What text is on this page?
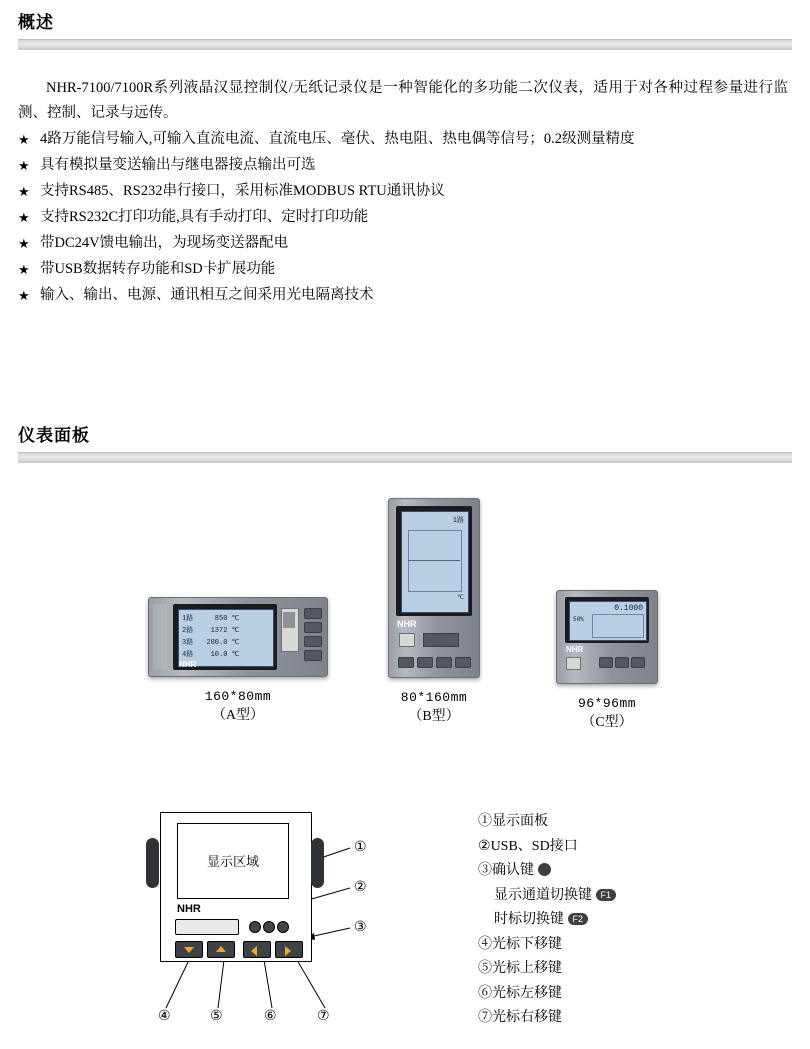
概述
NHR-7100/7100R系列液晶汉显控制仪/无纸记录仪是一种智能化的多功能二次仪表，适用于对各种过程参量进行监测、控制、记录与远传。
★ 4路万能信号输入,可输入直流电流、直流电压、毫伏、热电阻、热电偶等信号；0.2级测量精度
★ 具有模拟量变送输出与继电器接点输出可选
★ 支持RS485、RS232串行接口，采用标准MODBUS RTU通讯协议
★ 支持RS232C打印功能,具有手动打印、定时打印功能
★ 带DC24V馈电输出，为现场变送器配电
★ 带USB数据转存功能和SD卡扩展功能
★ 输入、输出、电源、通讯相互之间采用光电隔离技术
仪表面板
1路	850 ℃
2路 1372 ℃
3路 200.0 ℃
4路 10.0 ℃
NHR
160*80mm
（A型）
1路
℃
NHR
80*160mm
（B型）
0.1000
50%
NHR
96*96mm
（C型）
显示区域
NHR
①
②
③
④	⑤	⑥	⑦
①显示面板
②USB、SD接口
③确认键
显示通道切换键 F1
时标切换键 F2
④光标下移键
⑤光标上移键
⑥光标左移键
⑦光标右移键
